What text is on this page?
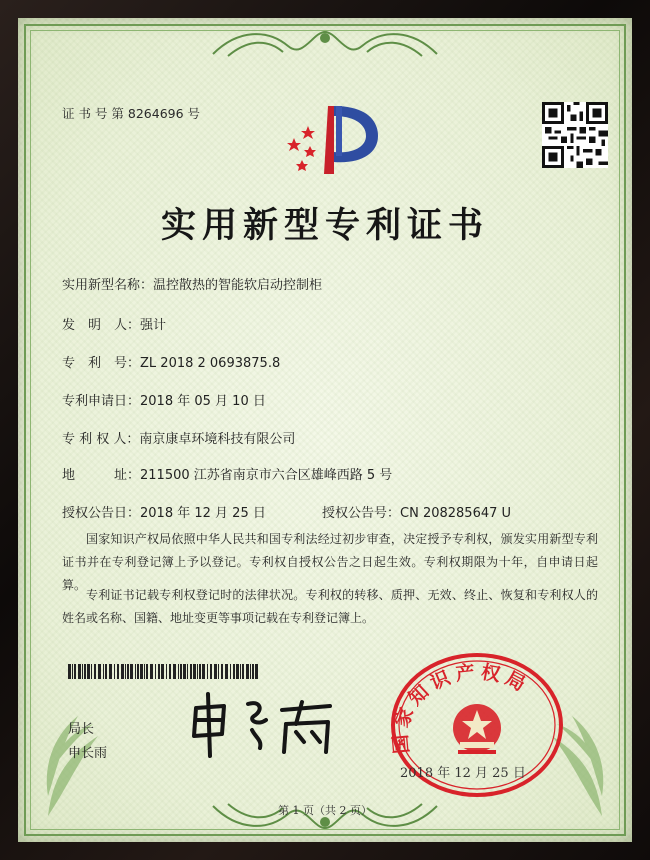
证 书 号 第 8264696 号
实用新型专利证书
实用新型名称：温控散热的智能软启动控制柜
发　明　人：强计
专　利　号：ZL 2018 2 0693875.8
专利申请日：2018 年 05 月 10 日
专 利 权 人：南京康卓环境科技有限公司
地　　　址：211500 江苏省南京市六合区雄峰西路 5 号
授权公告日：2018 年 12 月 25 日	授权公告号：CN 208285647 U
国家知识产权局依照中华人民共和国专利法经过初步审查，决定授予专利权，颁发实用新型专利证书并在专利登记簿上予以登记。专利权自授权公告之日起生效。专利权期限为十年，自申请日起算。
专利证书记载专利权登记时的法律状况。专利权的转移、质押、无效、终止、恢复和专利权人的姓名或名称、国籍、地址变更等事项记载在专利登记簿上。
局长
申长雨	国家知识产权局
2018 年 12 月 25 日
第 1 页（共 2 页）
